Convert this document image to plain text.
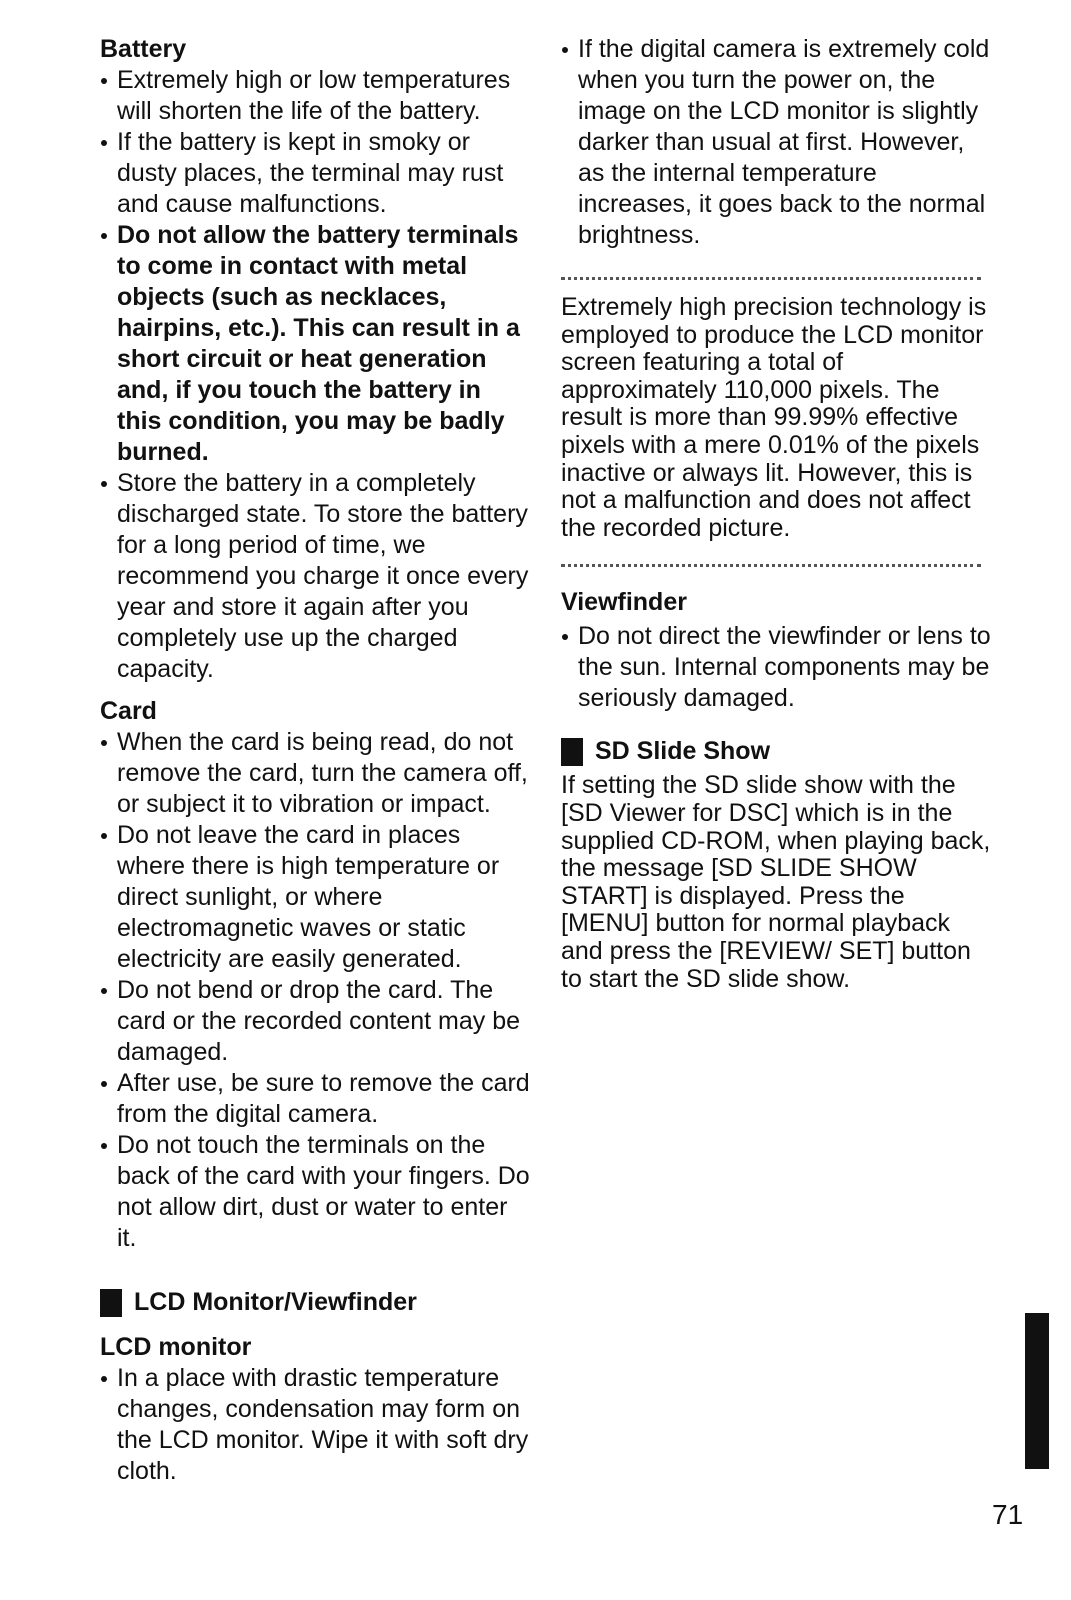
Battery
Extremely high or low temperatures will shorten the life of the battery.
If the battery is kept in smoky or dusty places, the terminal may rust and cause malfunctions.
Do not allow the battery terminals to come in contact with metal objects (such as necklaces, hairpins, etc.). This can result in a short circuit or heat generation and, if you touch the battery in this condition, you may be badly burned.
Store the battery in a completely discharged state. To store the battery for a long period of time, we recommend you charge it once every year and store it again after you completely use up the charged capacity.
Card
When the card is being read, do not remove the card, turn the camera off, or subject it to vibration or impact.
Do not leave the card in places where there is high temperature or direct sunlight, or where electromagnetic waves or static electricity are easily generated.
Do not bend or drop the card. The card or the recorded content may be damaged.
After use, be sure to remove the card from the digital camera.
Do not touch the terminals on the back of the card with your fingers. Do not allow dirt, dust or water to enter it.
LCD Monitor/Viewfinder
LCD monitor
In a place with drastic temperature changes, condensation may form on the LCD monitor. Wipe it with soft dry cloth.
If the digital camera is extremely cold when you turn the power on, the image on the LCD monitor is slightly darker than usual at first. However, as the internal temperature increases, it goes back to the normal brightness.
Extremely high precision technology is employed to produce the LCD monitor screen featuring a total of approximately 110,000 pixels. The result is more than 99.99% effective pixels with a mere 0.01% of the pixels inactive or always lit. However, this is not a malfunction and does not affect the recorded picture.
Viewfinder
Do not direct the viewfinder or lens to the sun. Internal components may be seriously damaged.
SD Slide Show
If setting the SD slide show with the [SD Viewer for DSC] which is in the supplied CD-ROM, when playing back, the message [SD SLIDE SHOW START] is displayed. Press the [MENU] button for normal playback and press the [REVIEW/ SET] button to start the SD slide show.
71
